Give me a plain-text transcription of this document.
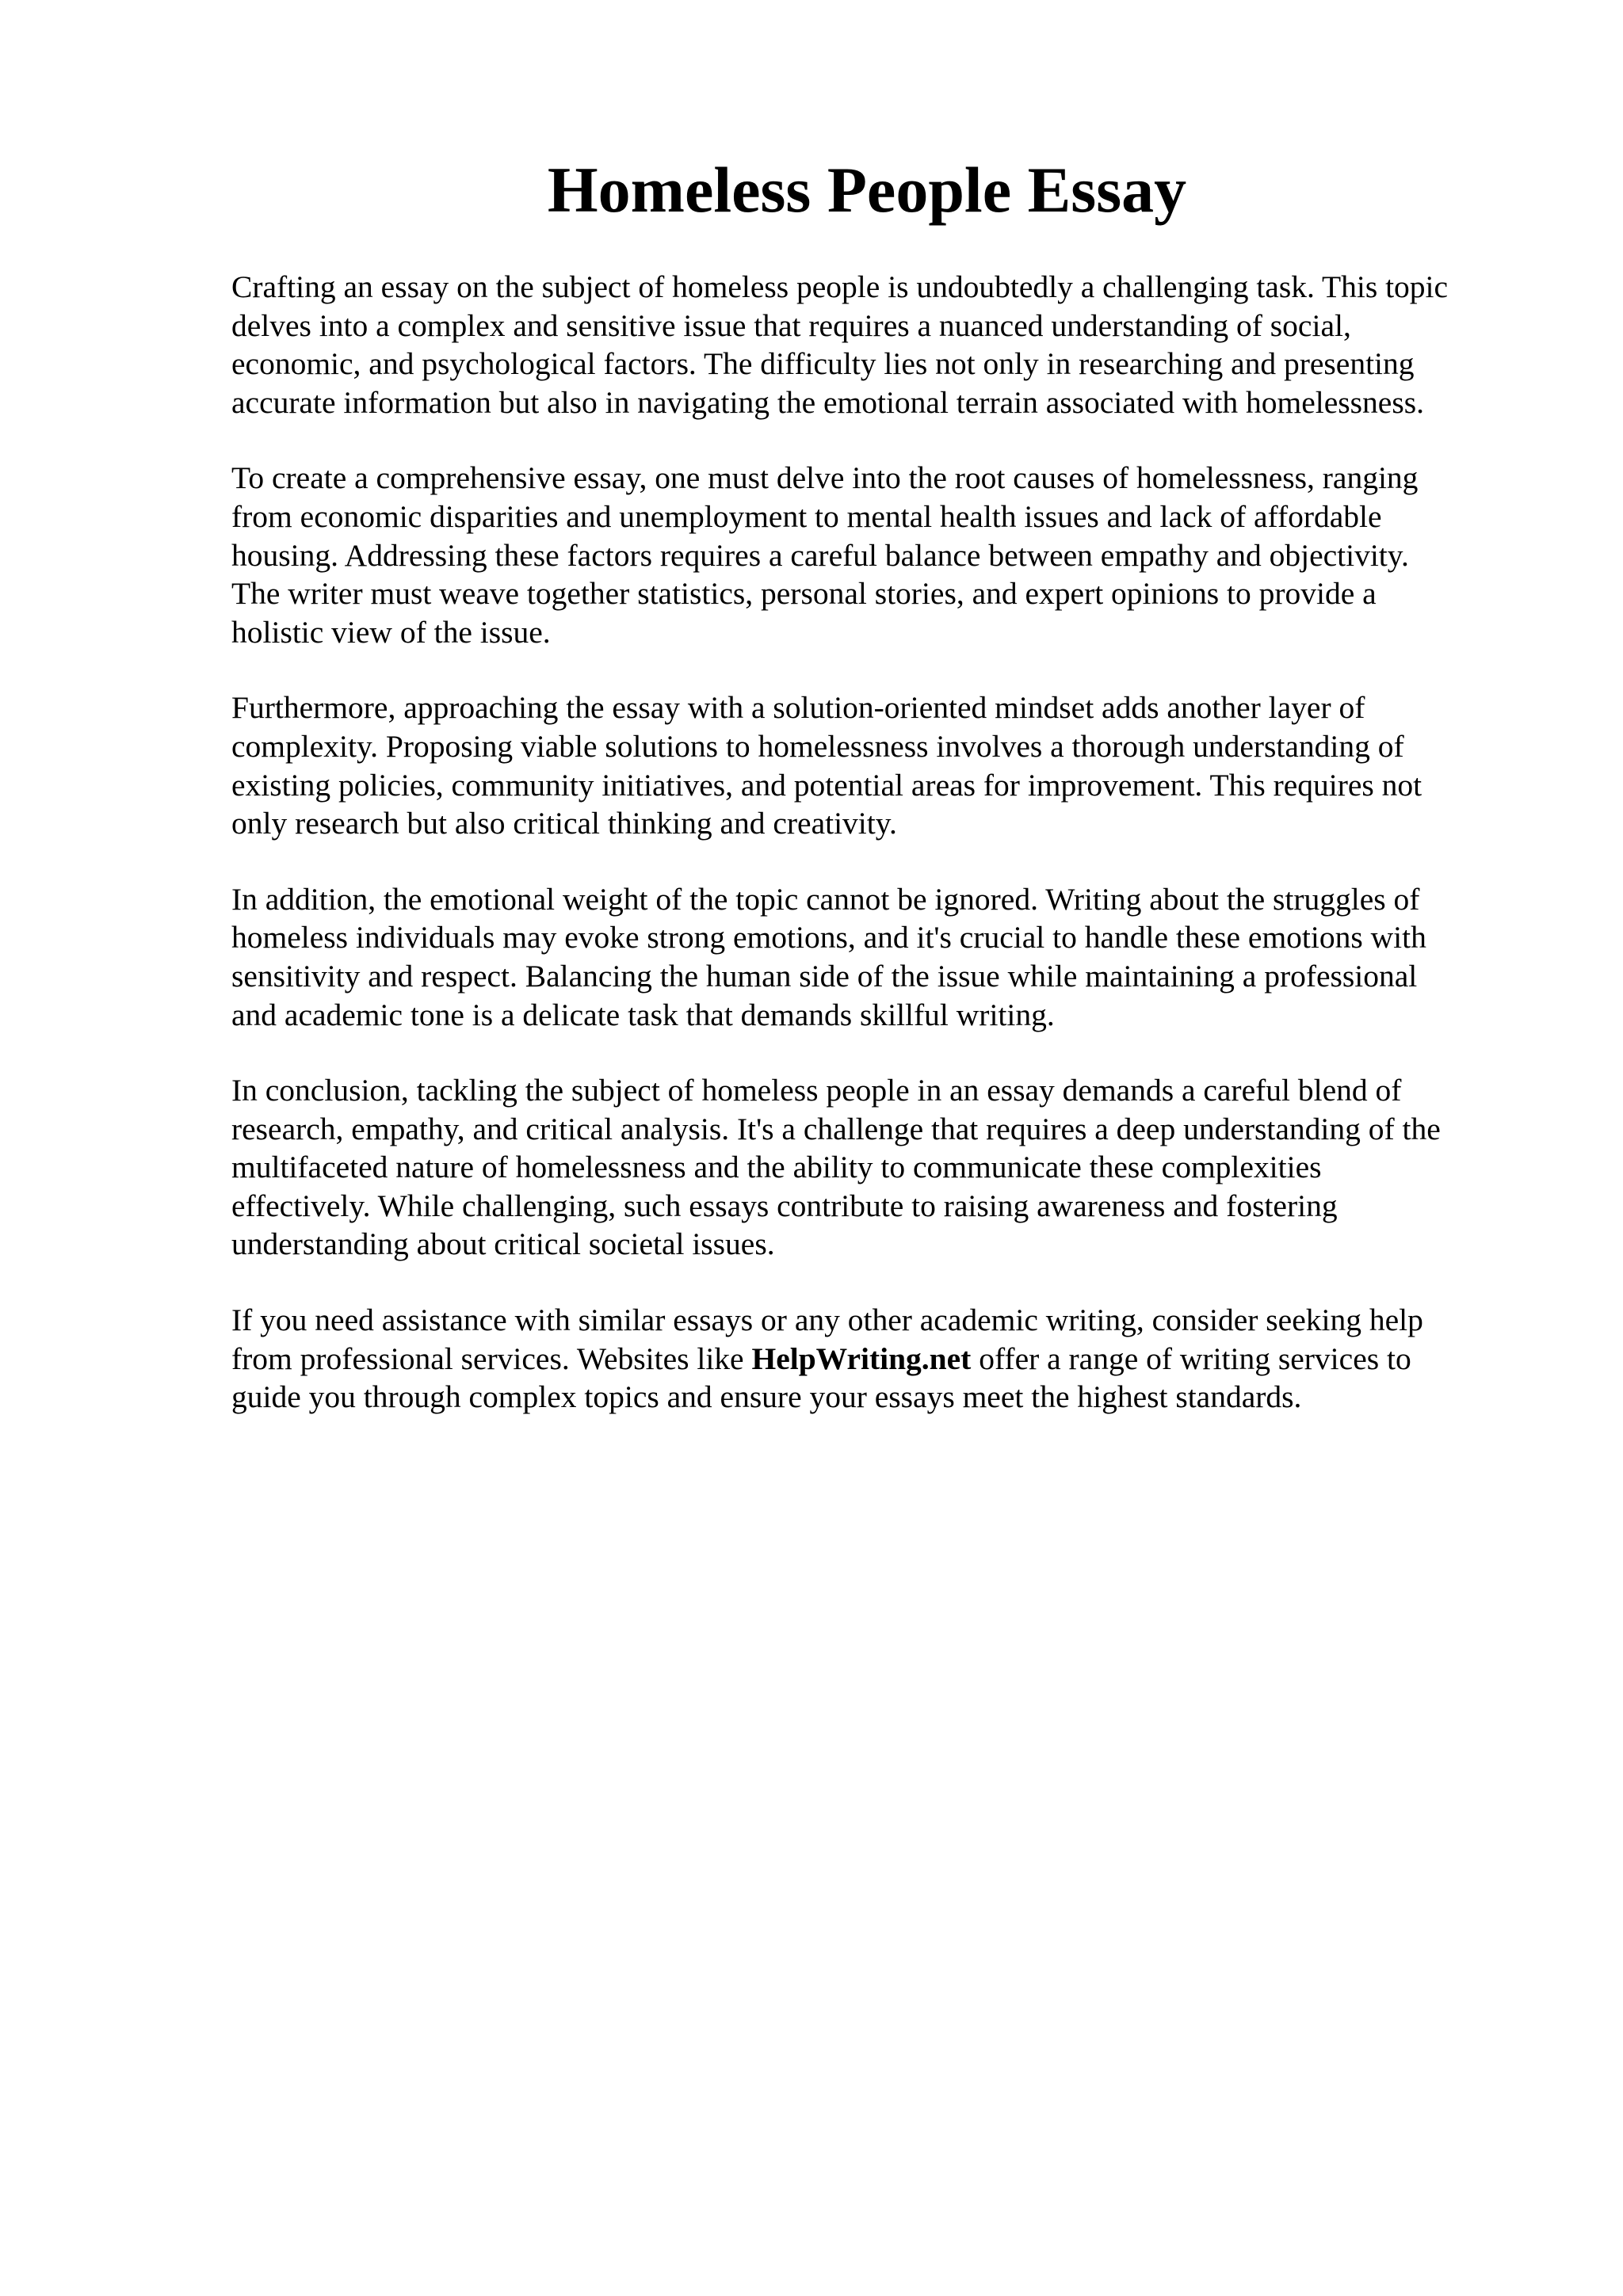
Homeless People Essay

Crafting an essay on the subject of homeless people is undoubtedly a challenging task. This topic
delves into a complex and sensitive issue that requires a nuanced understanding of social,
economic, and psychological factors. The difficulty lies not only in researching and presenting
accurate information but also in navigating the emotional terrain associated with homelessness.

To create a comprehensive essay, one must delve into the root causes of homelessness, ranging
from economic disparities and unemployment to mental health issues and lack of affordable
housing. Addressing these factors requires a careful balance between empathy and objectivity.
The writer must weave together statistics, personal stories, and expert opinions to provide a
holistic view of the issue.

Furthermore, approaching the essay with a solution-oriented mindset adds another layer of
complexity. Proposing viable solutions to homelessness involves a thorough understanding of
existing policies, community initiatives, and potential areas for improvement. This requires not
only research but also critical thinking and creativity.

In addition, the emotional weight of the topic cannot be ignored. Writing about the struggles of
homeless individuals may evoke strong emotions, and it's crucial to handle these emotions with
sensitivity and respect. Balancing the human side of the issue while maintaining a professional
and academic tone is a delicate task that demands skillful writing.

In conclusion, tackling the subject of homeless people in an essay demands a careful blend of
research, empathy, and critical analysis. It's a challenge that requires a deep understanding of the
multifaceted nature of homelessness and the ability to communicate these complexities
effectively. While challenging, such essays contribute to raising awareness and fostering
understanding about critical societal issues.

If you need assistance with similar essays or any other academic writing, consider seeking help
from professional services. Websites like HelpWriting.net offer a range of writing services to
guide you through complex topics and ensure your essays meet the highest standards.
